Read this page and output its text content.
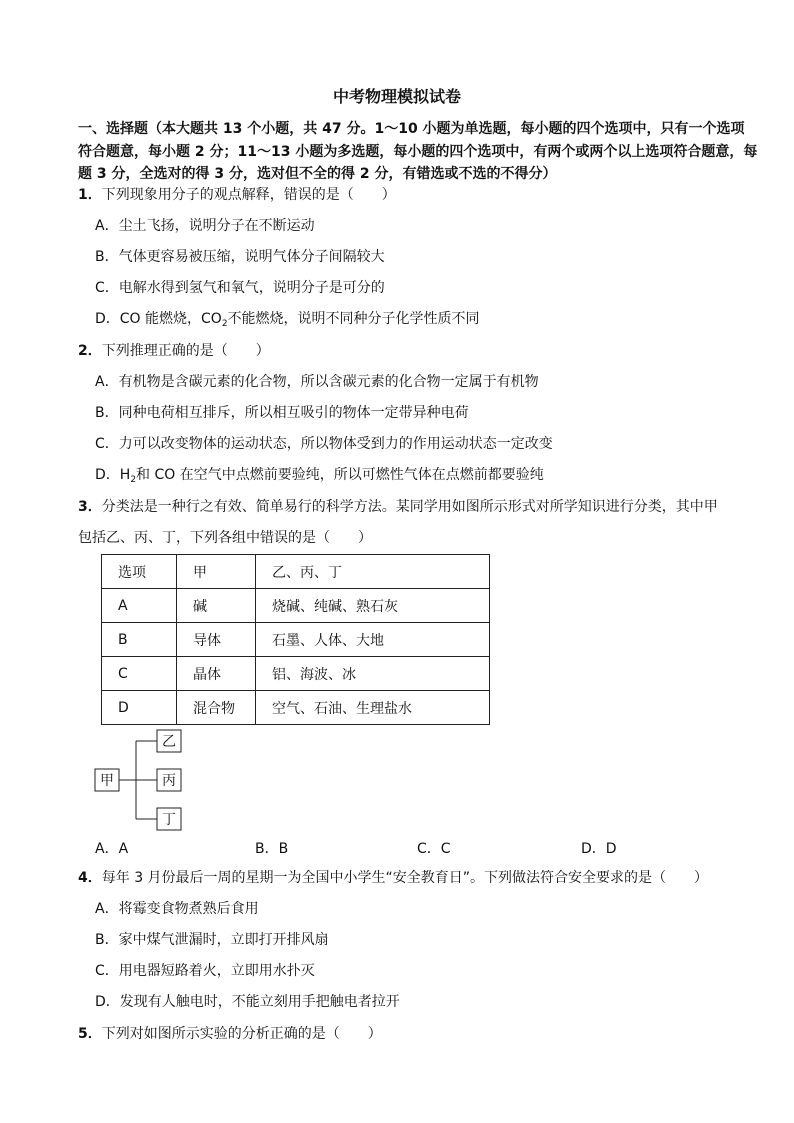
中考物理模拟试卷
一、选择题（本大题共 13 个小题，共 47 分。1～10 小题为单选题，每小题的四个选项中，只有一个选项符合题意，每小题 2 分；11～13 小题为多选题，每小题的四个选项中，有两个或两个以上选项符合题意，每题 3 分，全选对的得 3 分，选对但不全的得 2 分，有错选或不选的不得分）
1．下列现象用分子的观点解释，错误的是（　　）
A．尘土飞扬，说明分子在不断运动
B．气体更容易被压缩，说明气体分子间隔较大
C．电解水得到氢气和氧气，说明分子是可分的
D．CO 能燃烧，$CO_2$不能燃烧，说明不同种分子化学性质不同
2．下列推理正确的是（　　）
A．有机物是含碳元素的化合物，所以含碳元素的化合物一定属于有机物
B．同种电荷相互排斥，所以相互吸引的物体一定带异种电荷
C．力可以改变物体的运动状态，所以物体受到力的作用运动状态一定改变
D．$H_2$和 CO 在空气中点燃前要验纯，所以可燃性气体在点燃前都要验纯
3．分类法是一种行之有效、简单易行的科学方法。某同学用如图所示形式对所学知识进行分类，其中甲
包括乙、丙、丁，下列各组中错误的是（　　）
选项	甲	乙、丙、丁
A	碱	烧碱、纯碱、熟石灰
B	导体	石墨、人体、大地
C	晶体	铝、海波、冰
D	混合物	空气、石油、生理盐水
甲
乙
丙
丁
A．A	B．B	C．C	D．D
4．每年 3 月份最后一周的星期一为全国中小学生“安全教育日”。下列做法符合安全要求的是（　　）
A．将霉变食物煮熟后食用
B．家中煤气泄漏时，立即打开排风扇
C．用电器短路着火，立即用水扑灭
D．发现有人触电时，不能立刻用手把触电者拉开
5．下列对如图所示实验的分析正确的是（　　）
